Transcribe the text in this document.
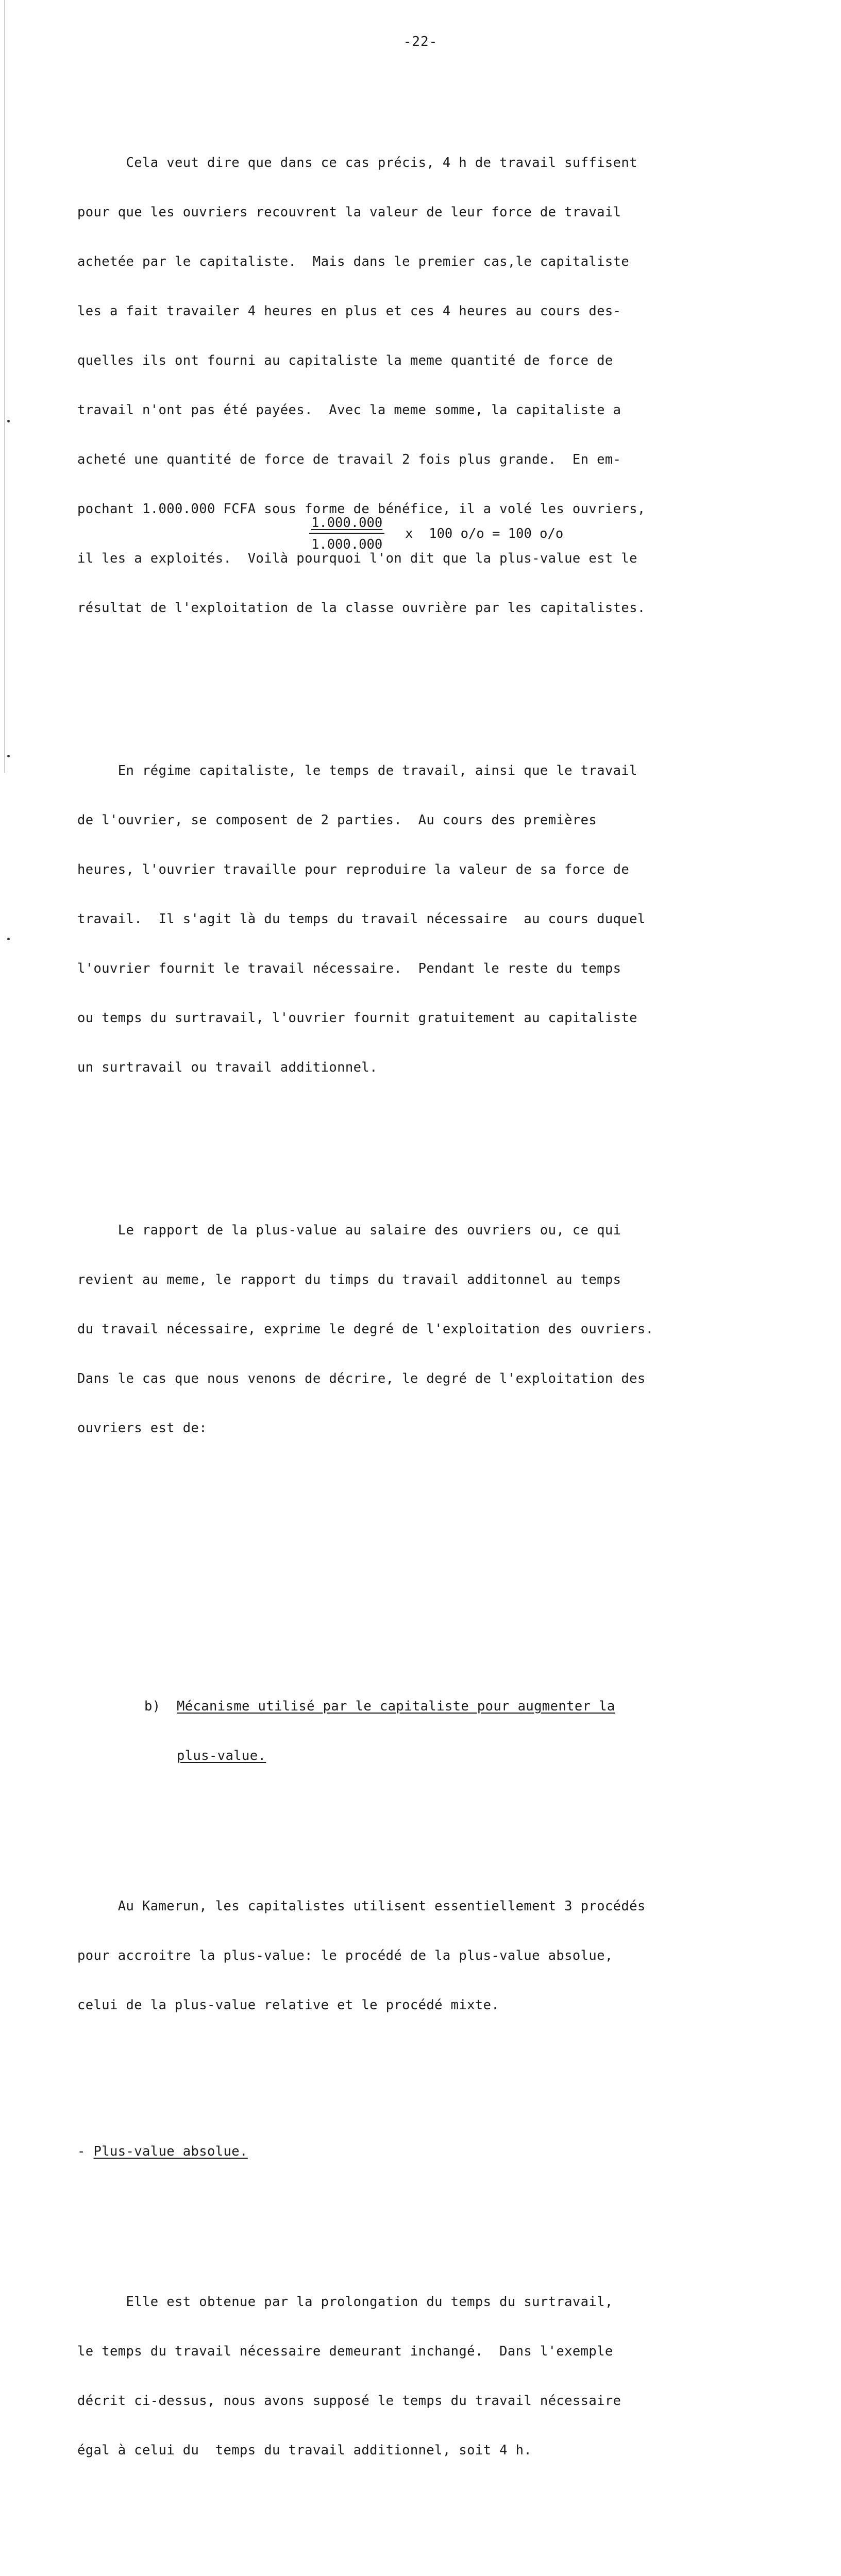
-22-

Cela veut dire que dans ce cas précis, 4 h de travail suffisent

pour que les ouvriers recouvrent la valeur de leur force de travail

achetée par le capitaliste.  Mais dans le premier cas,le capitaliste

les a fait travailer 4 heures en plus et ces 4 heures au cours des-

quelles ils ont fourni au capitaliste la meme quantité de force de

travail n'ont pas été payées.  Avec la meme somme, la capitaliste a

acheté une quantité de force de travail 2 fois plus grande.  En em-

pochant 1.000.000 FCFA sous forme de bénéfice, il a volé les ouvriers,

il les a exploités.  Voilà pourquoi l'on dit que la plus-value est le

résultat de l'exploitation de la classe ouvrière par les capitalistes.

En régime capitaliste, le temps de travail, ainsi que le travail

de l'ouvrier, se composent de 2 parties.  Au cours des premières

heures, l'ouvrier travaille pour reproduire la valeur de sa force de

travail.  Il s'agit là du temps du travail nécessaire  au cours duquel

l'ouvrier fournit le travail nécessaire.  Pendant le reste du temps

ou temps du surtravail, l'ouvrier fournit gratuitement au capitaliste

un surtravail ou travail additionnel.

Le rapport de la plus-value au salaire des ouvriers ou, ce qui

revient au meme, le rapport du timps du travail additonnel au temps

du travail nécessaire, exprime le degré de l'exploitation des ouvriers.

Dans le cas que nous venons de décrire, le degré de l'exploitation des

ouvriers est de:

b) Mécanisme utilisé par le capitaliste pour augmenter la

plus-value.

Au Kamerun, les capitalistes utilisent essentiellement 3 procédés

pour accroitre la plus-value: le procédé de la plus-value absolue,

celui de la plus-value relative et le procédé mixte.

- Plus-value absolue.

Elle est obtenue par la prolongation du temps du surtravail,

le temps du travail nécessaire demeurant inchangé.  Dans l'exemple

décrit ci-dessus, nous avons supposé le temps du travail nécessaire

égal à celui du  temps du travail additionnel, soit 4 h.

$\frac{1.000.000}{1.000.000}$ x  100 o/o = 100 o/o
